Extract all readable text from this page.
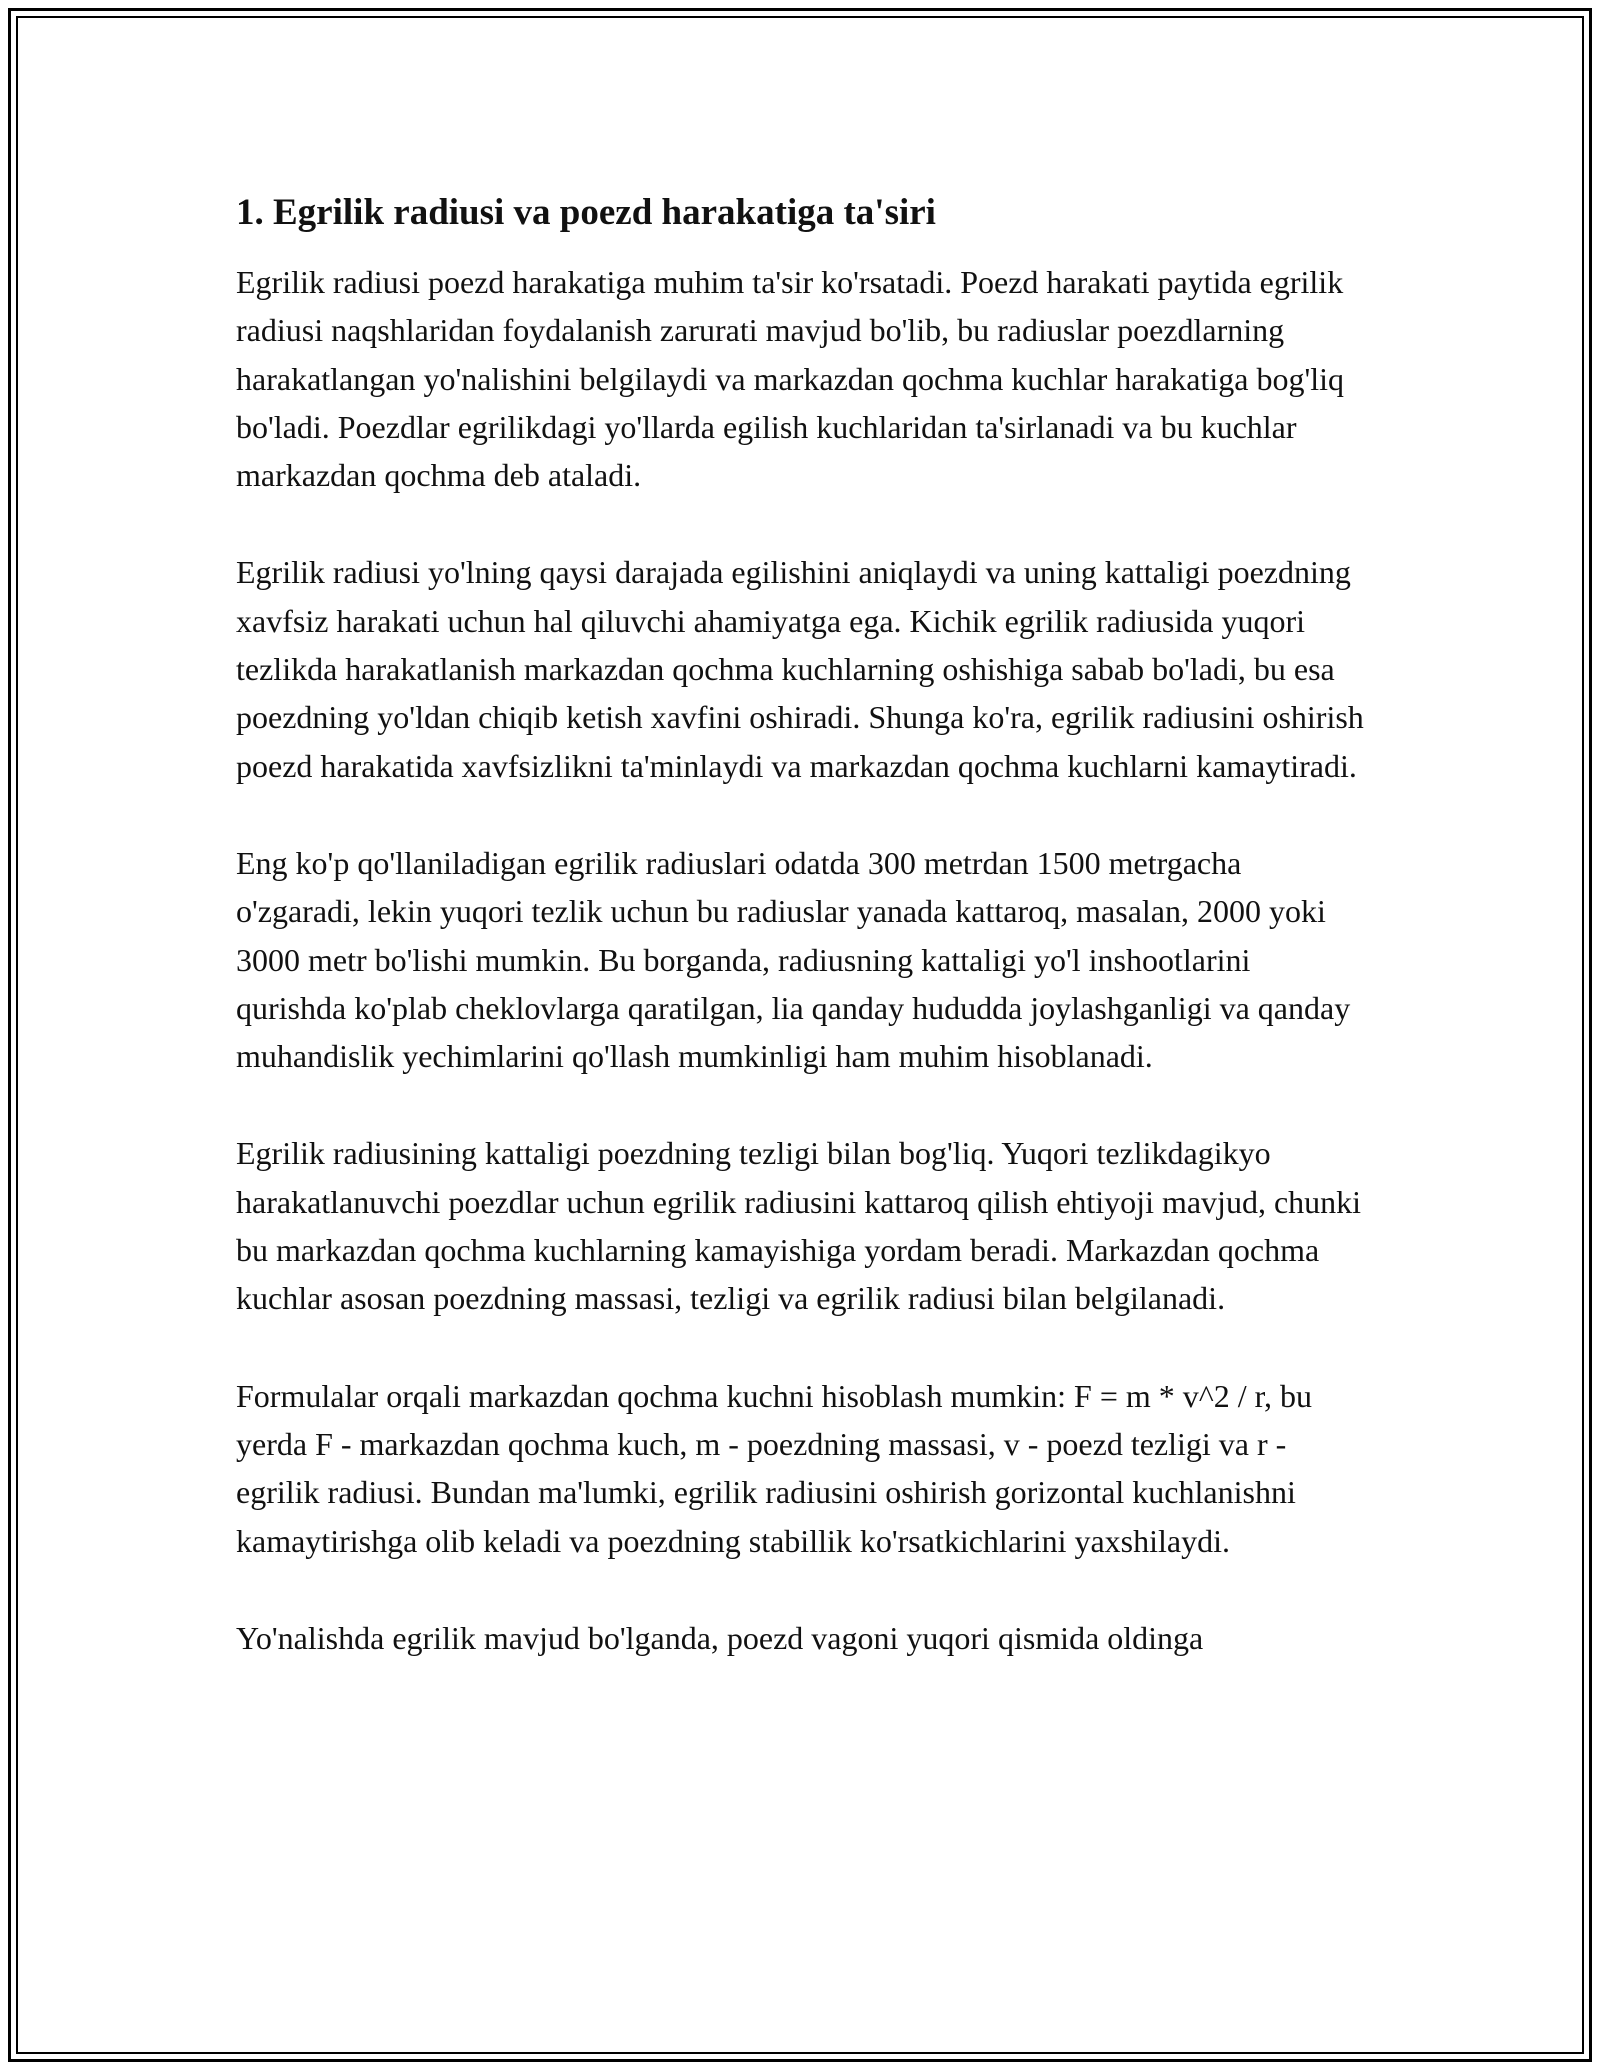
1. Egrilik radiusi va poezd harakatiga ta'siri

Egrilik radiusi poezd harakatiga muhim ta'sir ko'rsatadi. Poezd harakati paytida egrilik radiusi naqshlaridan foydalanish zarurati mavjud bo'lib, bu radiuslar poezdlarning harakatlangan yo'nalishini belgilaydi va markazdan qochma kuchlar harakatiga bog'liq bo'ladi. Poezdlar egrilikdagi yo'llarda egilish kuchlaridan ta'sirlanadi va bu kuchlar markazdan qochma deb ataladi.

Egrilik radiusi yo'lning qaysi darajada egilishini aniqlaydi va uning kattaligi poezdning xavfsiz harakati uchun hal qiluvchi ahamiyatga ega. Kichik egrilik radiusida yuqori tezlikda harakatlanish markazdan qochma kuchlarning oshishiga sabab bo'ladi, bu esa poezdning yo'ldan chiqib ketish xavfini oshiradi. Shunga ko'ra, egrilik radiusini oshirish poezd harakatida xavfsizlikni ta'minlaydi va markazdan qochma kuchlarni kamaytiradi.

Eng ko'p qo'llaniladigan egrilik radiuslari odatda 300 metrdan 1500 metrgacha o'zgaradi, lekin yuqori tezlik uchun bu radiuslar yanada kattaroq, masalan, 2000 yoki 3000 metr bo'lishi mumkin. Bu borganda, radiusning kattaligi yo'l inshootlarini qurishda ko'plab cheklovlarga qaratilgan, lia qanday hududda joylashganligi va qanday muhandislik yechimlarini qo'llash mumkinligi ham muhim hisoblanadi.

Egrilik radiusining kattaligi poezdning tezligi bilan bog'liq. Yuqori tezlikdagikyo harakatlanuvchi poezdlar uchun egrilik radiusini kattaroq qilish ehtiyoji mavjud, chunki bu markazdan qochma kuchlarning kamayishiga yordam beradi. Markazdan qochma kuchlar asosan poezdning massasi, tezligi va egrilik radiusi bilan belgilanadi.

Formulalar orqali markazdan qochma kuchni hisoblash mumkin: F = m * v^2 / r, bu yerda F - markazdan qochma kuch, m - poezdning massasi, v - poezd tezligi va r - egrilik radiusi. Bundan ma'lumki, egrilik radiusini oshirish gorizontal kuchlanishni kamaytirishga olib keladi va poezdning stabillik ko'rsatkichlarini yaxshilaydi.

Yo'nalishda egrilik mavjud bo'lganda, poezd vagoni yuqori qismida oldinga
